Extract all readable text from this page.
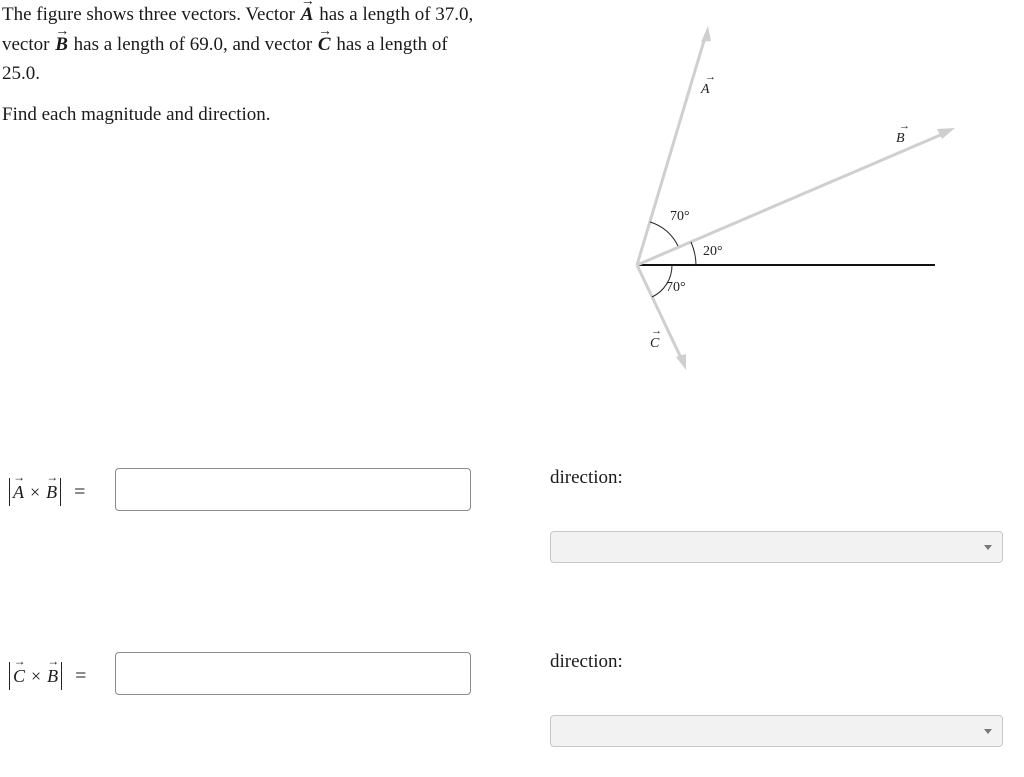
The figure shows three vectors. Vector → A has a length of 37.0,
vector → B has a length of 69.0, and vector → C has a length of
25.0.

Find each magnitude and direction.

A
→
B
→
C
→
70°
20°
70°
→ A × → B =
direction:
→ C × → B =
direction:
